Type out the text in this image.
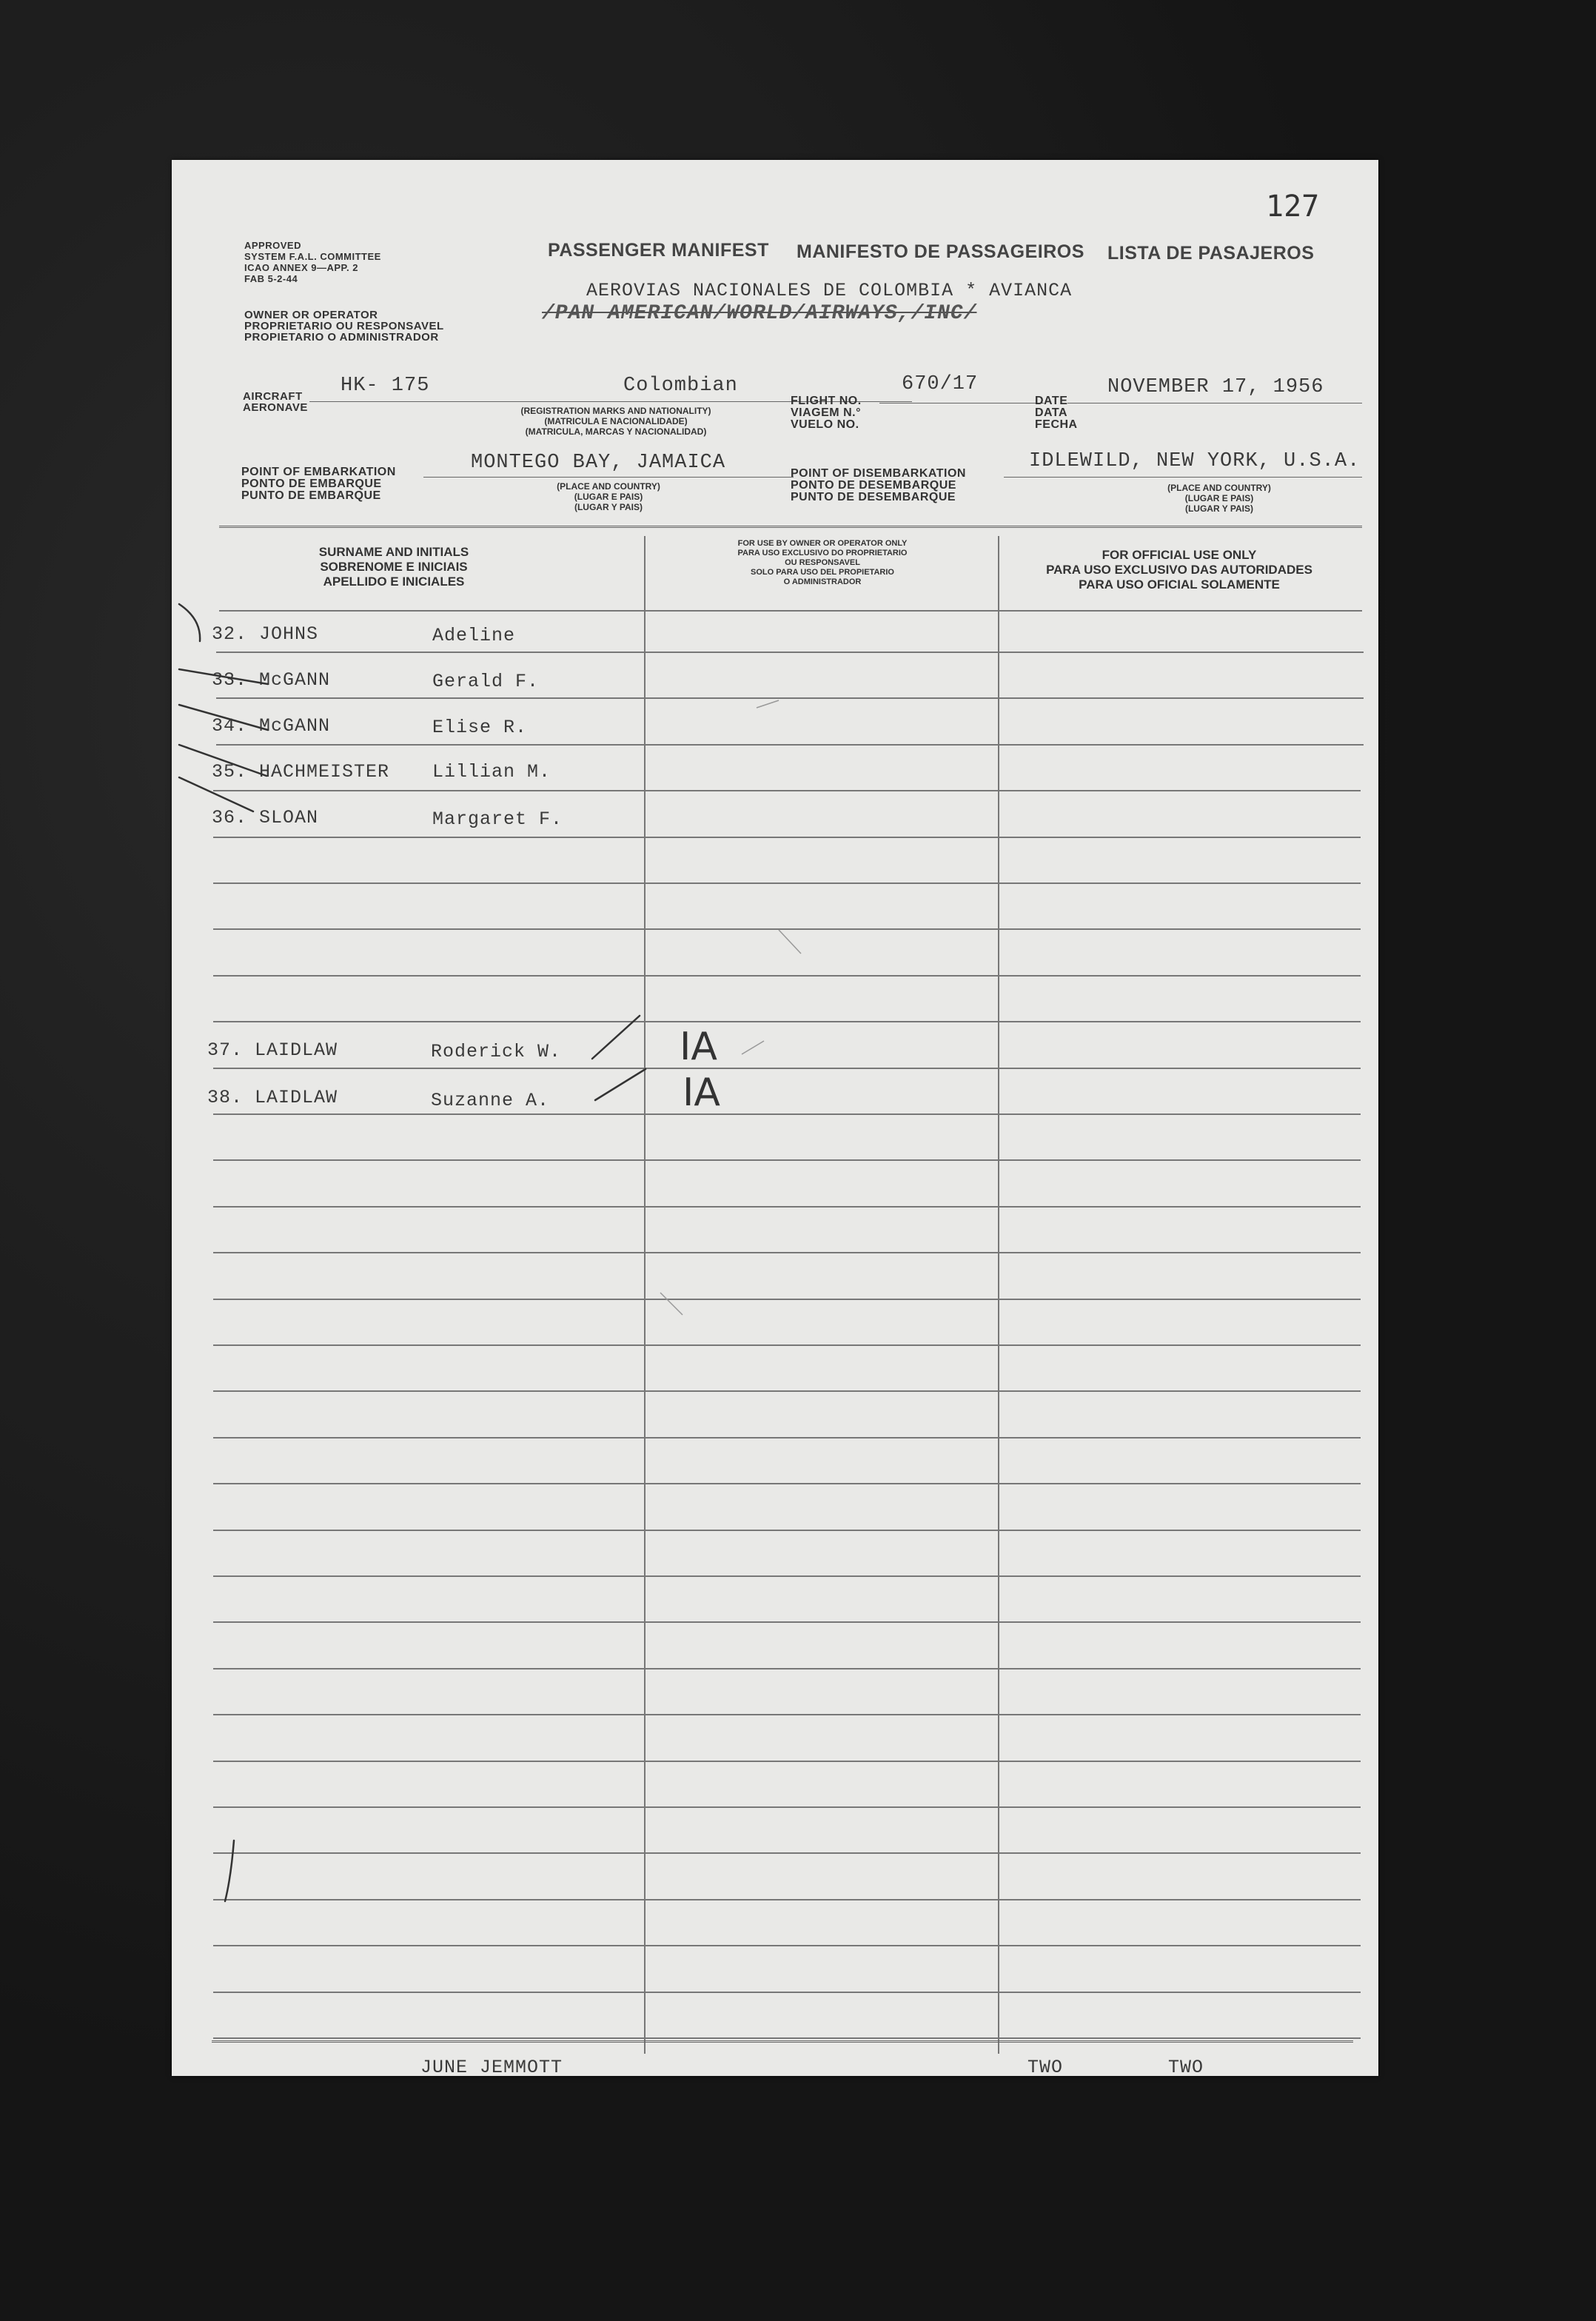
127
APPROVED
SYSTEM F.A.L. COMMITTEE
ICAO ANNEX 9—APP. 2
FAB 5-2-44
PASSENGER MANIFEST MANIFESTO DE PASSAGEIROS LISTA DE PASAJEROS
OWNER OR OPERATOR
PROPRIETARIO OU RESPONSAVEL
PROPIETARIO O ADMINISTRADOR
AEROVIAS NACIONALES DE COLOMBIA * AVIANCA
/PAN AMERICAN/WORLD/AIRWAYS,/INC/
AIRCRAFT
AERONAVE
HK- 175	Colombian
(REGISTRATION MARKS AND NATIONALITY)
(MATRICULA E NACIONALIDADE)
(MATRICULA, MARCAS Y NACIONALIDAD)
FLIGHT NO.
VIAGEM N.°
VUELO NO.
670/17
DATE
DATA
FECHA
NOVEMBER 17, 1956
POINT OF EMBARKATION
PONTO DE EMBARQUE
PUNTO DE EMBARQUE
MONTEGO BAY, JAMAICA
(PLACE AND COUNTRY)
(LUGAR E PAIS)
(LUGAR Y PAIS)
POINT OF DISEMBARKATION
PONTO DE DESEMBARQUE
PUNTO DE DESEMBARQUE
IDLEWILD, NEW YORK, U.S.A.
(PLACE AND COUNTRY)
(LUGAR E PAIS)
(LUGAR Y PAIS)
SURNAME AND INITIALS
SOBRENOME E INICIAIS
APELLIDO E INICIALES
FOR USE BY OWNER OR OPERATOR ONLY
PARA USO EXCLUSIVO DO PROPRIETARIO
OU RESPONSAVEL
SOLO PARA USO DEL PROPIETARIO
O ADMINISTRADOR
FOR OFFICIAL USE ONLY
PARA USO EXCLUSIVO DAS AUTORIDADES
PARA USO OFICIAL SOLAMENTE
32. JOHNS	Adeline
33. McGANN	Gerald F.
34. McGANN	Elise R.
35. HACHMEISTER Lillian M.
36. SLOAN	Margaret F.
37. LAIDLAW	Roderick W.	IA
38. LAIDLAW	Suzanne A.	IA
JUNE JEMMOTT	TWO	TWO
